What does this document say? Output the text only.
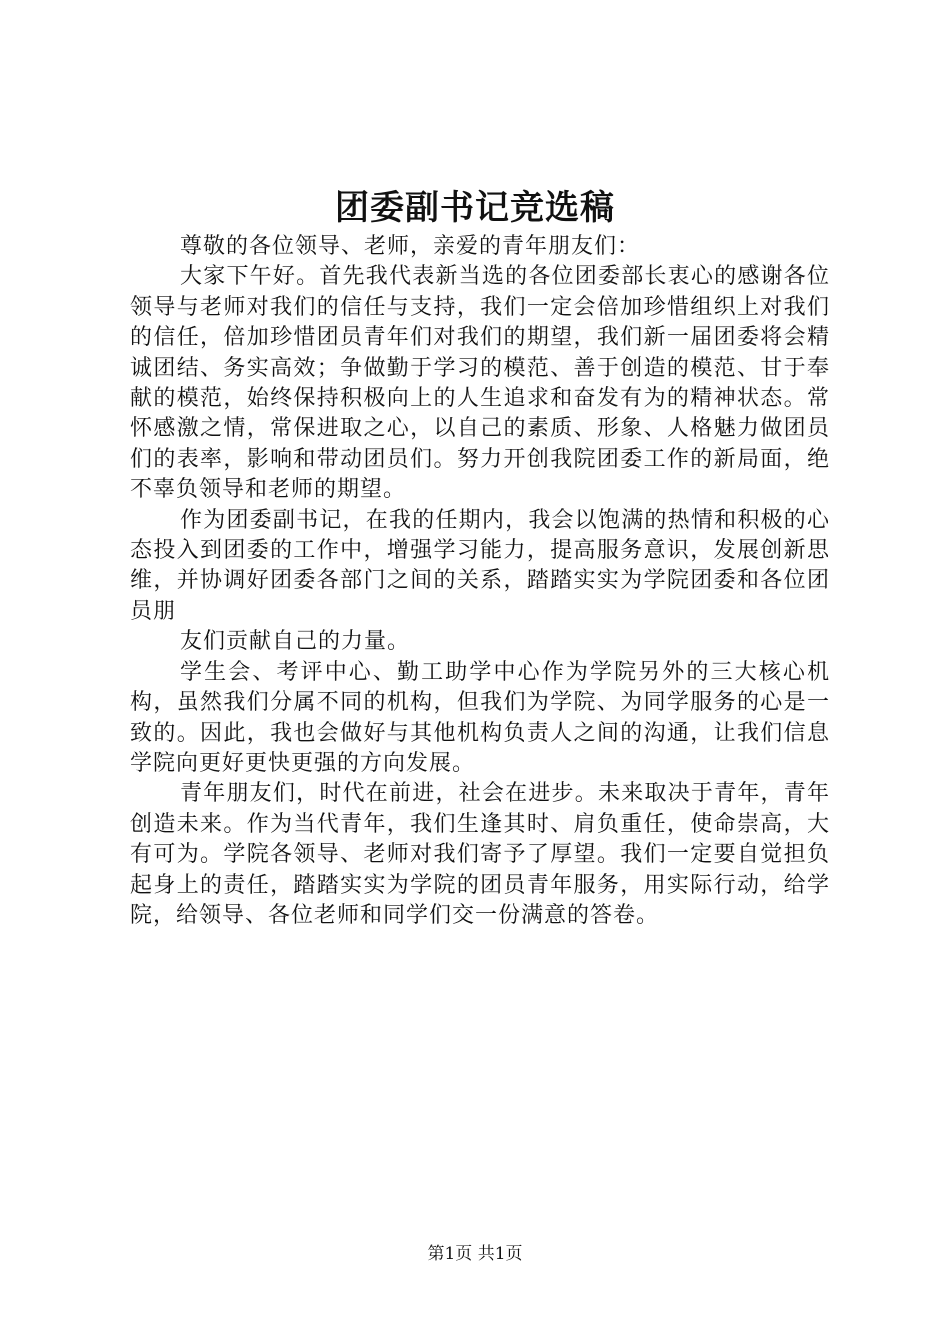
团委副书记竞选稿

尊敬的各位领导、老师，亲爱的青年朋友们：

大家下午好。首先我代表新当选的各位团委部长衷心的感谢各位领导与老师对我们的信任与支持，我们一定会倍加珍惜组织上对我们的信任，倍加珍惜团员青年们对我们的期望，我们新一届团委将会精诚团结、务实高效；争做勤于学习的模范、善于创造的模范、甘于奉献的模范，始终保持积极向上的人生追求和奋发有为的精神状态。常怀感激之情，常保进取之心，以自己的素质、形象、人格魅力做团员们的表率，影响和带动团员们。努力开创我院团委工作的新局面，绝不辜负领导和老师的期望。

作为团委副书记，在我的任期内，我会以饱满的热情和积极的心态投入到团委的工作中，增强学习能力，提高服务意识，发展创新思维，并协调好团委各部门之间的关系，踏踏实实为学院团委和各位团员朋

友们贡献自己的力量。

学生会、考评中心、勤工助学中心作为学院另外的三大核心机构，虽然我们分属不同的机构，但我们为学院、为同学服务的心是一致的。因此，我也会做好与其他机构负责人之间的沟通，让我们信息学院向更好更快更强的方向发展。

青年朋友们，时代在前进，社会在进步。未来取决于青年，青年创造未来。作为当代青年，我们生逢其时、肩负重任，使命崇高，大有可为。学院各领导、老师对我们寄予了厚望。我们一定要自觉担负起身上的责任，踏踏实实为学院的团员青年服务，用实际行动，给学院，给领导、各位老师和同学们交一份满意的答卷。

第1页 共1页
